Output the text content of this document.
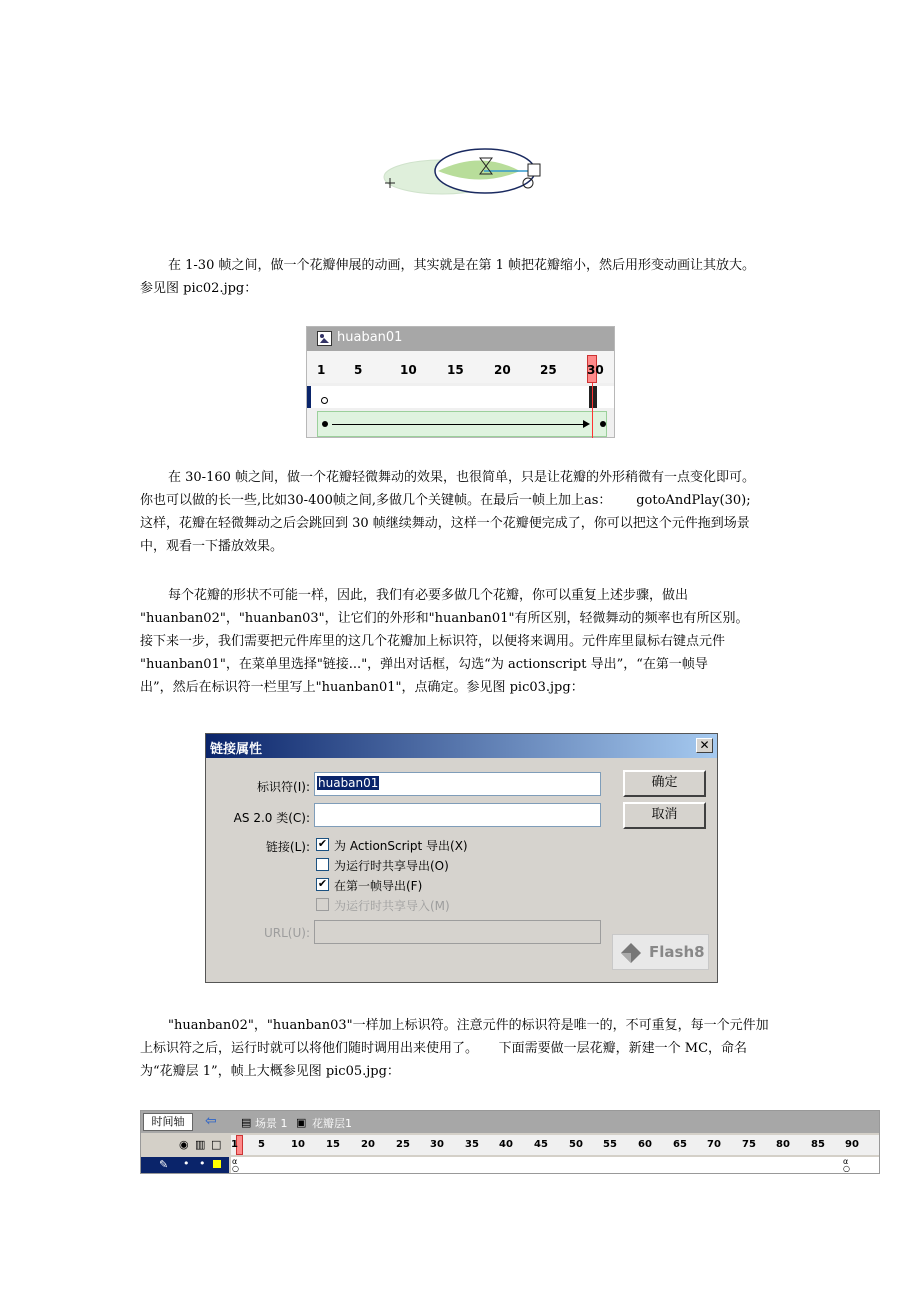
在 1-30 帧之间，做一个花瓣伸展的动画，其实就是在第 1 帧把花瓣缩小，然后用形变动画让其放大。

参见图 pic02.jpg：

huaban01
1 5	10	15	20 25	30

在 30-160 帧之间，做一个花瓣轻微舞动的效果，也很简单，只是让花瓣的外形稍微有一点变化即可。

你也可以做的长一些,比如30-400帧之间,多做几个关键帧。在最后一帧上加上as：      gotoAndPlay(30);

这样，花瓣在轻微舞动之后会跳回到 30 帧继续舞动，这样一个花瓣便完成了，你可以把这个元件拖到场景

中，观看一下播放效果。

每个花瓣的形状不可能一样，因此，我们有必要多做几个花瓣，你可以重复上述步骤，做出

"huanban02"，"huanban03"，让它们的外形和"huanban01"有所区别，轻微舞动的频率也有所区别。

接下来一步，我们需要把元件库里的这几个花瓣加上标识符，以便将来调用。元件库里鼠标右键点元件

"huanban01"，在菜单里选择"链接..."，弹出对话框，勾选“为 actionscript 导出”，“在第一帧导

出”，然后在标识符一栏里写上"huanban01"，点确定。参见图 pic03.jpg：

链接属性	✕
标识符(I): huaban01
AS 2.0 类(C):
确定
取消
链接(L): ✔ 为 ActionScript 导出(X)
为运行时共享导出(O)
✔ 在第一帧导出(F)
为运行时共享导入(M)
URL(U):
Flash8

"huanban02"，"huanban03"一样加上标识符。注意元件的标识符是唯一的，不可重复，每一个元件加

上标识符之后，运行时就可以将他们随时调用出来使用了。     下面需要做一层花瓣，新建一个 MC，命名

为“花瓣层 1”，帧上大概参见图 pic05.jpg：

时间轴	⇦ ▤ 场景 1 ▣ 花瓣层1
◉ ▥ □ 1 5	10 15 20 25 30 35 40 45 50 55 60 65 70 75 80 85 90
✎ • •	α
○
α
○
